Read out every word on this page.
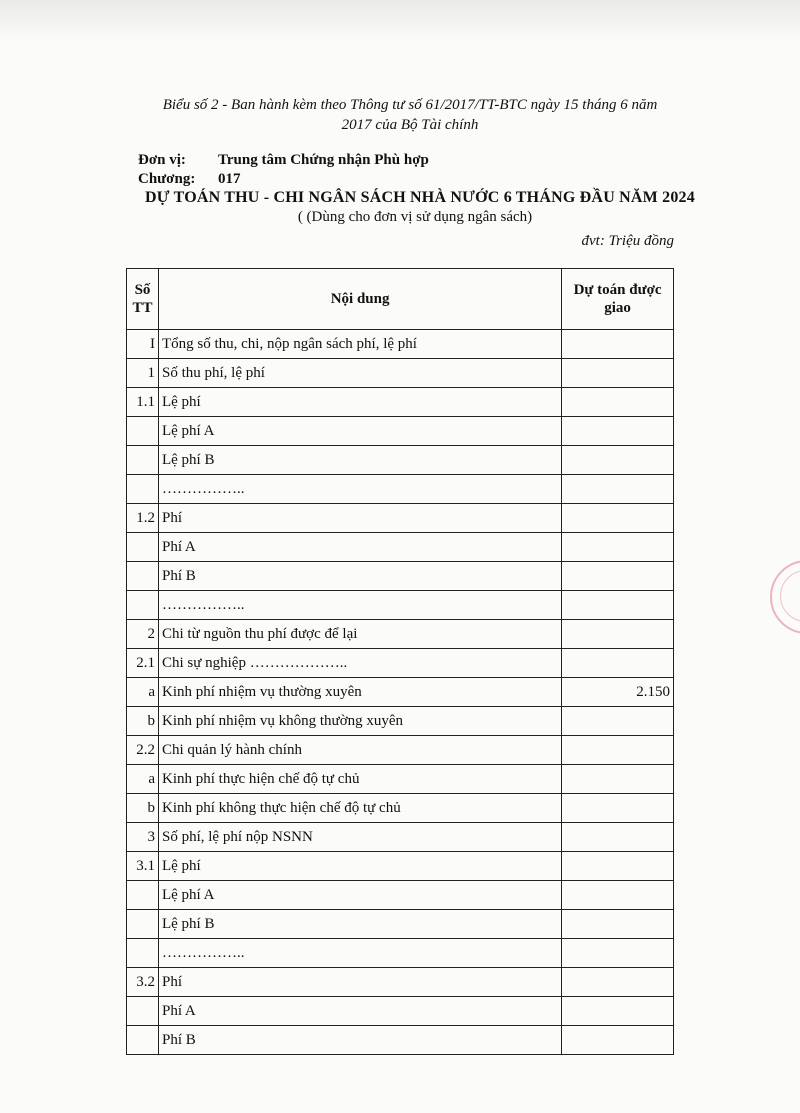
Biểu số 2 - Ban hành kèm theo Thông tư số 61/2017/TT-BTC ngày 15 tháng 6 năm
2017 của Bộ Tài chính
Đơn vị:	Trung tâm Chứng nhận Phù hợp
Chương:	017
DỰ TOÁN THU - CHI NGÂN SÁCH NHÀ NƯỚC 6 THÁNG ĐẦU NĂM 2024
( (Dùng cho đơn vị sử dụng ngân sách)
đvt: Triệu đồng
Số
TT	Nội dung	Dự toán được
giao
I	Tổng số thu, chi, nộp ngân sách phí, lệ phí	
1	Số thu phí, lệ phí	
1.1	Lệ phí	
	Lệ phí A	
	Lệ phí B	
	……………..	
1.2	Phí	
	Phí A	
	Phí B	
	……………..	
2	Chi từ nguồn thu phí được để lại	
2.1	Chi sự nghiệp ………………..	
a	Kinh phí nhiệm vụ thường xuyên	2.150
b	Kinh phí nhiệm vụ không thường xuyên	
2.2	Chi quản lý hành chính	
a	Kinh phí thực hiện chế độ tự chủ	
b	Kinh phí không thực hiện chế độ tự chủ	
3	Số phí, lệ phí nộp NSNN	
3.1	Lệ phí	
	Lệ phí A	
	Lệ phí B	
	……………..	
3.2	Phí	
	Phí A	
	Phí B	
